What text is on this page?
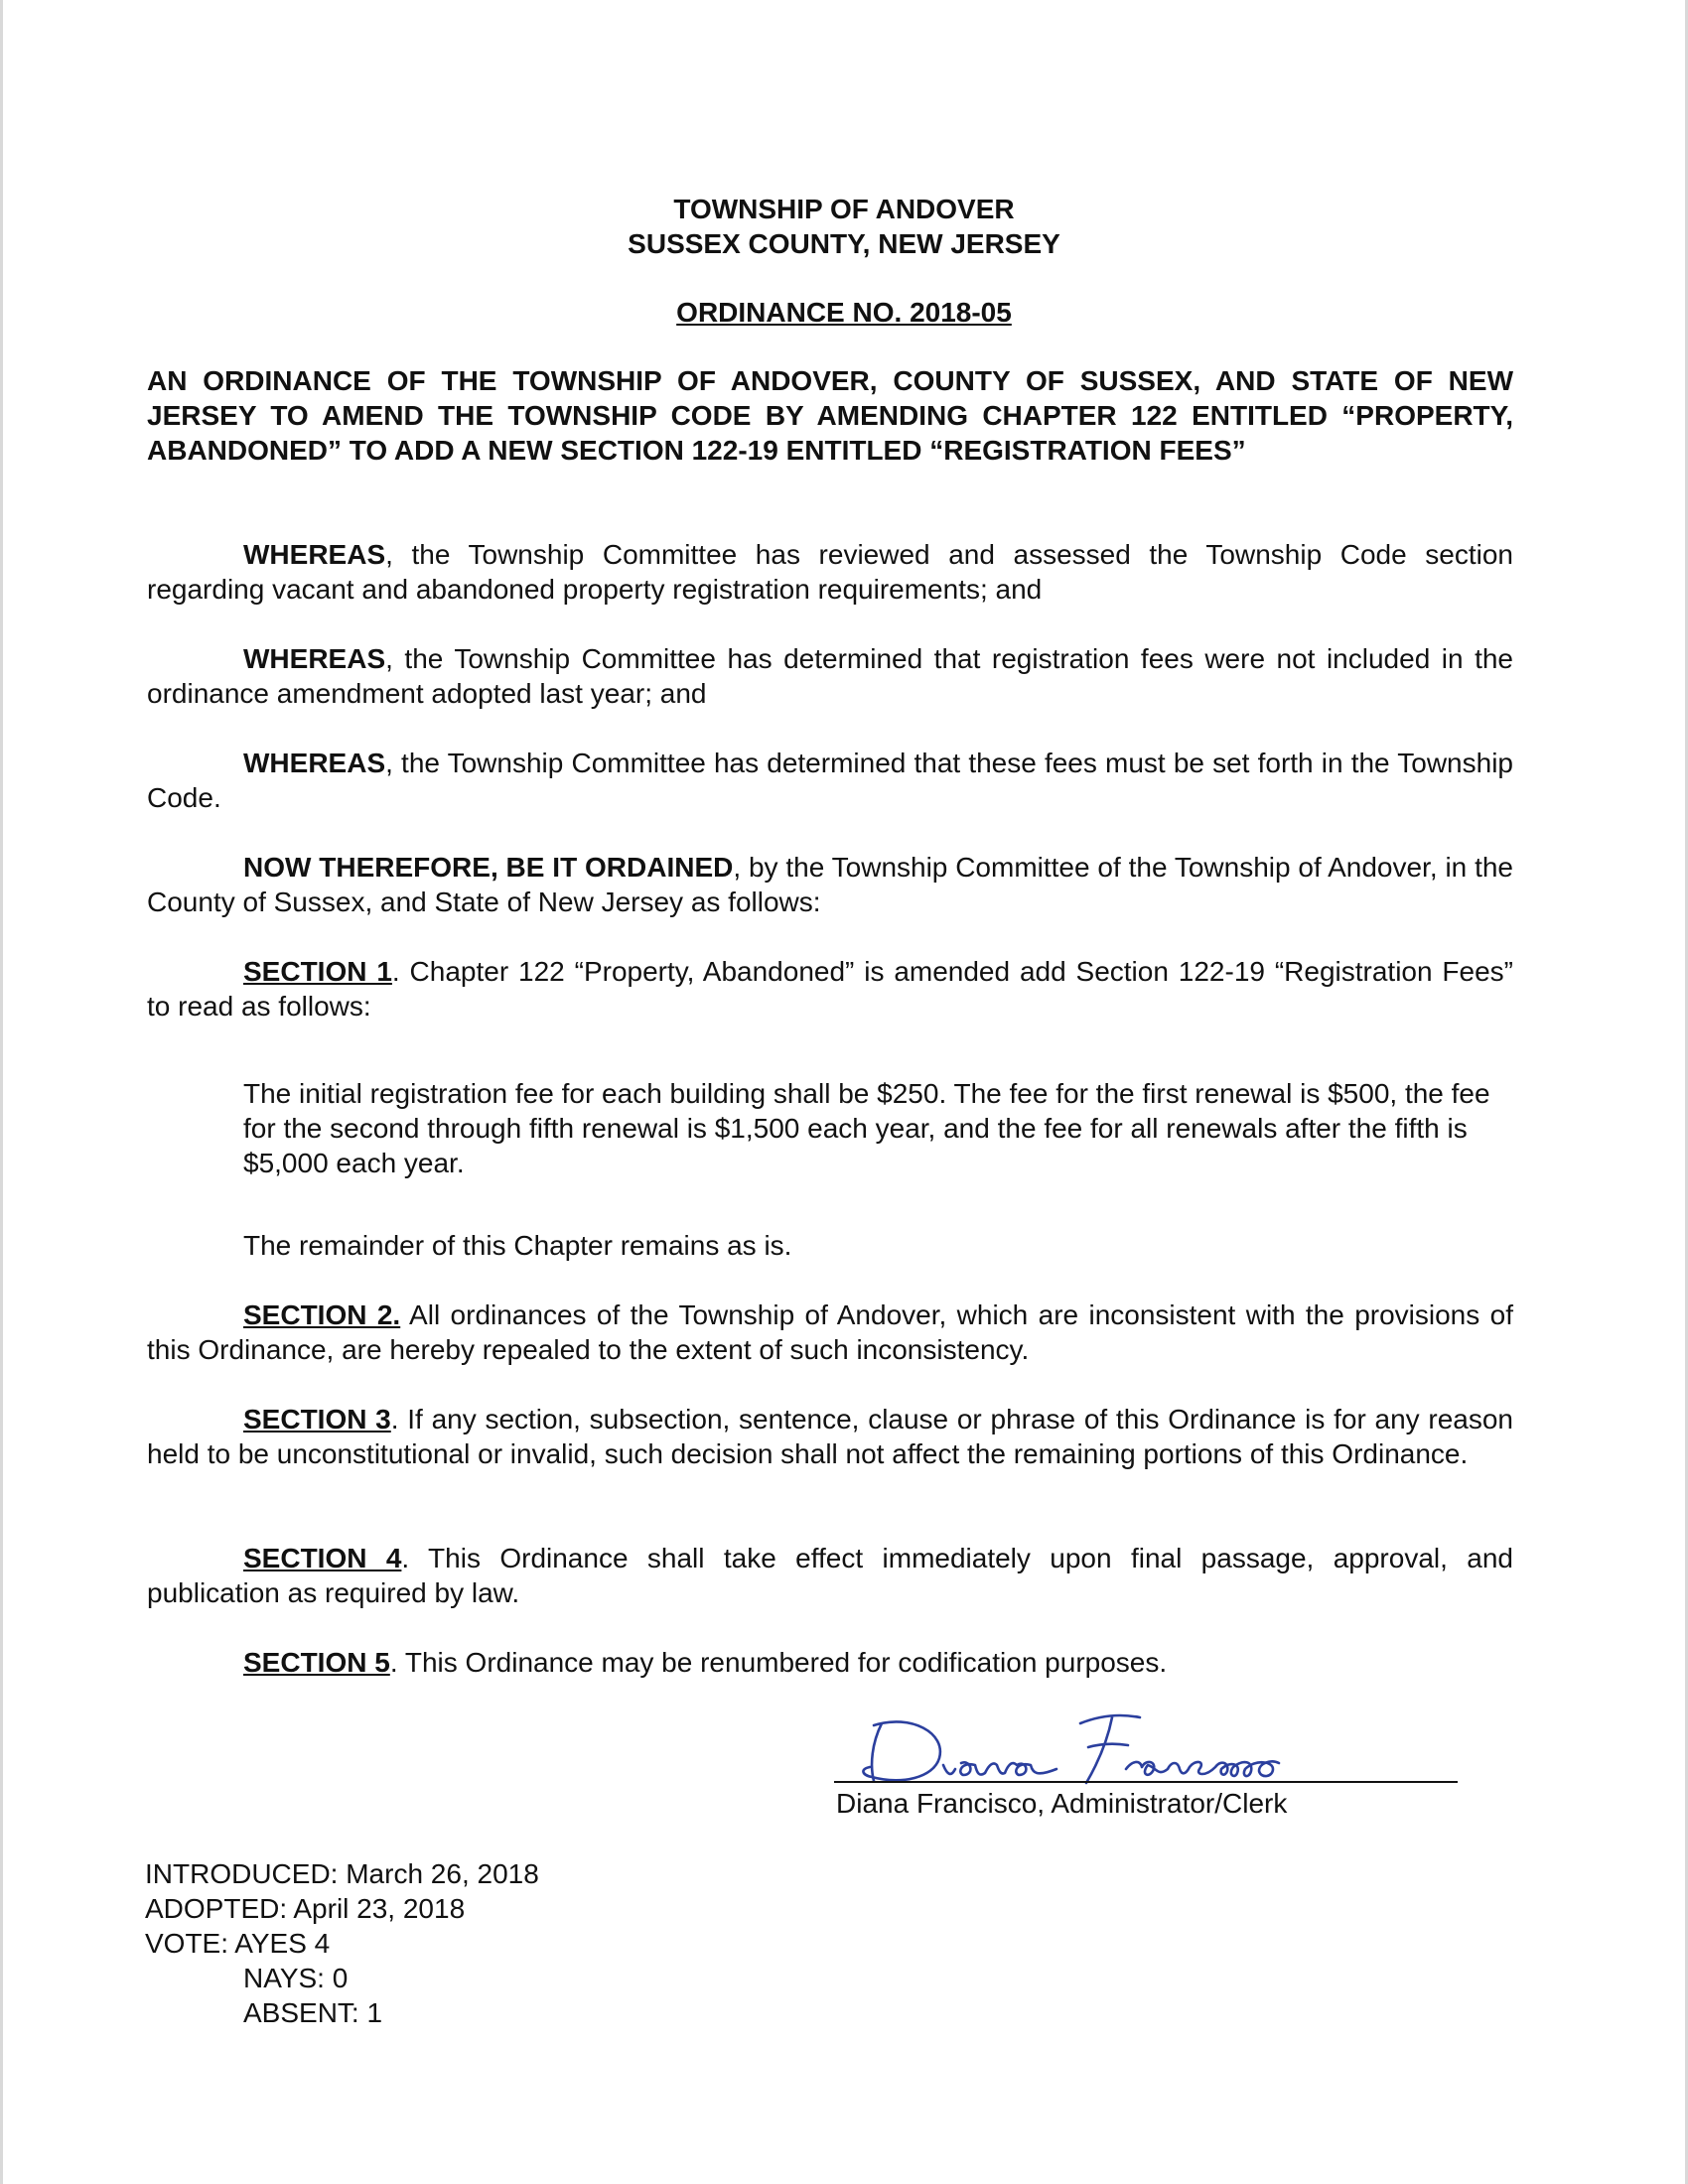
TOWNSHIP OF ANDOVER
SUSSEX COUNTY, NEW JERSEY
ORDINANCE NO. 2018-05
AN ORDINANCE OF THE TOWNSHIP OF ANDOVER, COUNTY OF SUSSEX, AND STATE OF NEW JERSEY TO AMEND THE TOWNSHIP CODE BY AMENDING CHAPTER 122 ENTITLED “PROPERTY, ABANDONED” TO ADD A NEW SECTION 122-19 ENTITLED “REGISTRATION FEES”
WHEREAS, the Township Committee has reviewed and assessed the Township Code section regarding vacant and abandoned property registration requirements; and
WHEREAS, the Township Committee has determined that registration fees were not included in the ordinance amendment adopted last year; and
WHEREAS, the Township Committee has determined that these fees must be set forth in the Township Code.
NOW THEREFORE, BE IT ORDAINED, by the Township Committee of the Township of Andover, in the County of Sussex, and State of New Jersey as follows:
SECTION 1. Chapter 122 “Property, Abandoned” is amended add Section 122-19 “Registration Fees” to read as follows:
The initial registration fee for each building shall be $250. The fee for the first renewal is $500, the fee for the second through fifth renewal is $1,500 each year, and the fee for all renewals after the fifth is $5,000 each year.
The remainder of this Chapter remains as is.
SECTION 2. All ordinances of the Township of Andover, which are inconsistent with the provisions of this Ordinance, are hereby repealed to the extent of such inconsistency.
SECTION 3. If any section, subsection, sentence, clause or phrase of this Ordinance is for any reason held to be unconstitutional or invalid, such decision shall not affect the remaining portions of this Ordinance.
SECTION 4. This Ordinance shall take effect immediately upon final passage, approval, and publication as required by law.
SECTION 5. This Ordinance may be renumbered for codification purposes.
Diana Francisco, Administrator/Clerk
INTRODUCED: March 26, 2018
ADOPTED: April 23, 2018
VOTE: AYES 4
NAYS: 0
ABSENT: 1
